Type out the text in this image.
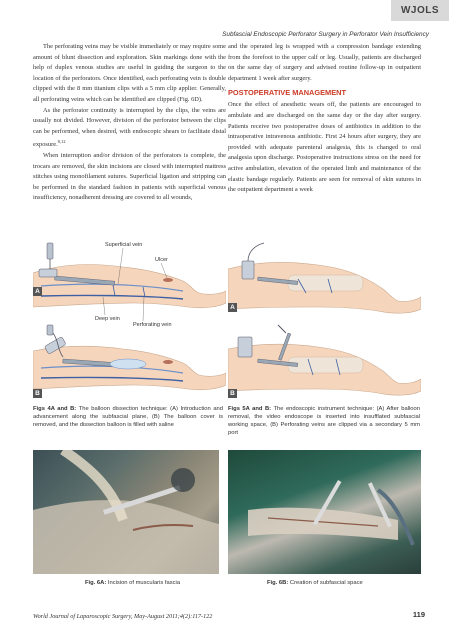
WJOLS
Subfascial Endoscopic Perforator Surgery in Perforator Vein Insufficiency

The perforating veins may be visible immediately or may require some amount of blunt dissection and exploration. Skin markings done with the help of duplex venous studies are useful in guiding the surgeon to the location of the perforators. Once identified, each perforating vein is double clipped with the 8 mm titanium clips with a 5 mm clip applier. Generally, all perforating veins which can be identified are clipped (Fig. 6D).

As the perforator continuity is interrupted by the clips, the veins are usually not divided. However, division of the perforator between the clips can be performed, when desired, with endoscopic shears to facilitate distal exposure.$^{8,12}$

When interruption and/or division of the perforators is complete, the trocars are removed, the skin incisions are closed with interrupted mattress stitches using monofilament sutures. Superficial ligation and stripping can be performed in the standard fashion in patients with superficial venous insufficiency, nonadherent dressing are covered to all wounds,

and the operated leg is wrapped with a compression bandage extending from the forefoot to the upper calf or leg. Usually, patients are discharged on the same day of surgery and advised routine follow-up in outpatient department 1 week after surgery.

POSTOPERATIVE MANAGEMENT

Once the effect of anesthetic wears off, the patients are encouraged to ambulate and are discharged on the same day or the day after surgery. Patients receive two postoperative doses of antibiotics in addition to the intraoperative intravenous antibiotic. First 24 hours after surgery, they are provided with adequate parenteral analgesia, this is changed to oral analgesia upon discharge. Postoperative instructions stress on the need for active ambulation, elevation of the operated limb and maintenance of the elastic bandage regularly. Patients are seen for removal of skin sutures in the outpatient department a week

Superficial vein
Ulcer
Deep vein
Perforating vein
A
B
A
B
Figs 4A and B: The balloon dissection technique: (A) Introduction and advancement along the subfascial plane, (B) The balloon cover is removed, and the dissection balloon is filled with saline
Figs 5A and B: The endoscopic instrument technique: (A) After balloon removal, the video endoscope is inserted into insufflated subfascial working space, (B) Perforating veins are clipped via a secondary 5 mm port
Fig. 6A: Incision of muscularis fascia	Fig. 6B: Creation of subfascial space
World Journal of Laparoscopic Surgery, May-August 2011;4(2):117-122	119
